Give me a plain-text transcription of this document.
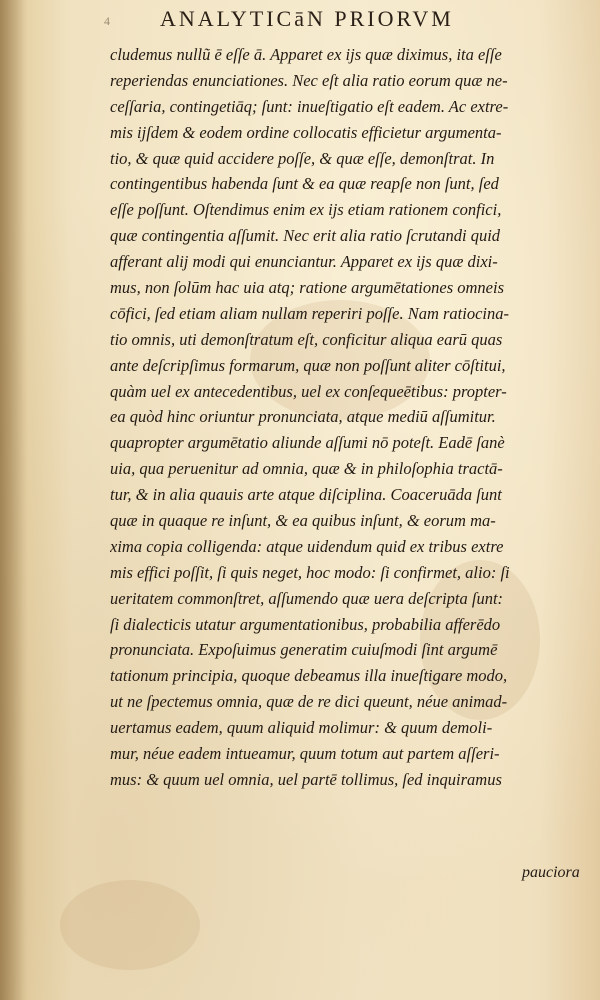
4 ANALYTICāN PRIORVM
cludemus nullũ ē eſſe ā. Apparet ex ijs quæ diximus, ita eſſe
reperiendas enunciationes. Nec eſt alia ratio eorum quæ ne-
ceſſaria, contingetiāq; ſunt: inueſtigatio eſt eadem. Ac extre-
mis ijſdem & eodem ordine collocatis efficietur argumenta-
tio, & quæ quid accidere poſſe, & quæ eſſe, demonſtrat. In
contingentibus habenda ſunt & ea quæ reapſe non ſunt, ſed
eſſe poſſunt. Oſtendimus enim ex ijs etiam rationem confici,
quæ contingentia aſſumit. Nec erit alia ratio ſcrutandi quid
afferant alij modi qui enunciantur. Apparet ex ijs quæ dixi-
mus, non ſolūm hac uia atq; ratione argumētationes omneis
cōfici, ſed etiam aliam nullam reperiri poſſe. Nam ratiocina-
tio omnis, uti demonſtratum eſt, conficitur aliqua earū quas
ante deſcripſimus formarum, quæ non poſſunt aliter cōſtitui,
quàm uel ex antecedentibus, uel ex conſequeētibus: propter-
ea quòd hinc oriuntur pronunciata, atque mediū aſſumitur.
quapropter argumētatio aliunde aſſumi nō poteſt. Eadē ſanè
uia, qua peruenitur ad omnia, quæ & in philoſophia tractā-
tur, & in alia quauis arte atque diſciplina. Coaceruāda ſunt
quæ in quaque re inſunt, & ea quibus inſunt, & eorum ma-
xima copia colligenda: atque uidendum quid ex tribus extre
mis effici poſſit, ſi quis neget, hoc modo: ſi confirmet, alio: ſi
ueritatem commonſtret, aſſumendo quæ uera deſcripta ſunt:
ſi dialecticis utatur argumentationibus, probabilia afferēdo
pronunciata. Expoſuimus generatim cuiuſmodi ſint argumē
tationum principia, quoque debeamus illa inueſtigare modo,
ut ne ſpectemus omnia, quæ de re dici queunt, néue animad-
uertamus eadem, quum aliquid molimur: & quum demoli-
mur, néue eadem intueamur, quum totum aut partem aſſeri-
mus: & quum uel omnia, uel partē tollimus, ſed inquiramus
pauciora
